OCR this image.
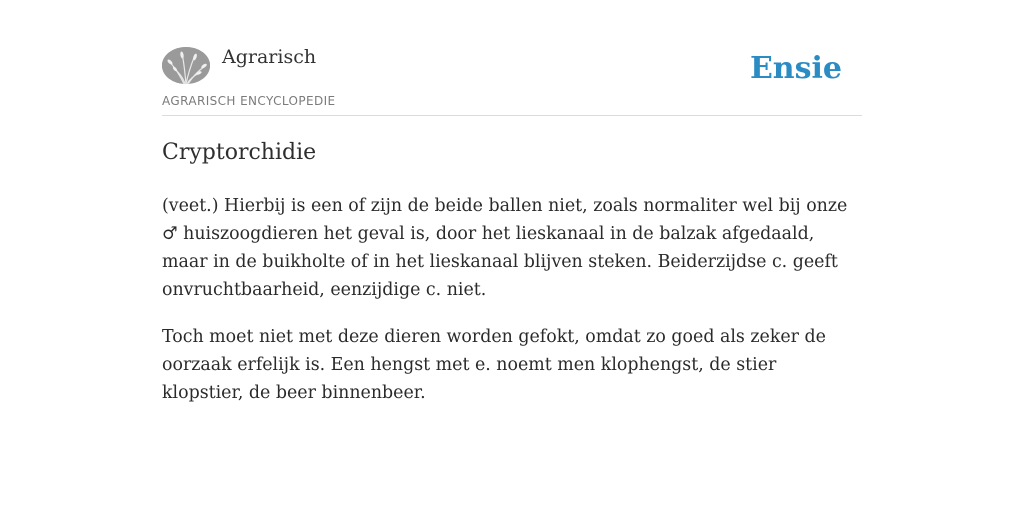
Agrarisch
AGRARISCH ENCYCLOPEDIE
Ensie
Cryptorchidie

(veet.) Hierbij is een of zijn de beide ballen niet, zoals normaliter wel bij onze ♂ huiszoogdieren het geval is, door het lieskanaal in de balzak afgedaald, maar in de buikholte of in het lieskanaal blijven steken. Beiderzijdse c. geeft onvruchtbaarheid, eenzijdige c. niet.

Toch moet niet met deze dieren worden gefokt, omdat zo goed als zeker de oorzaak erfelijk is. Een hengst met e. noemt men klophengst, de stier klopstier, de beer binnenbeer.
